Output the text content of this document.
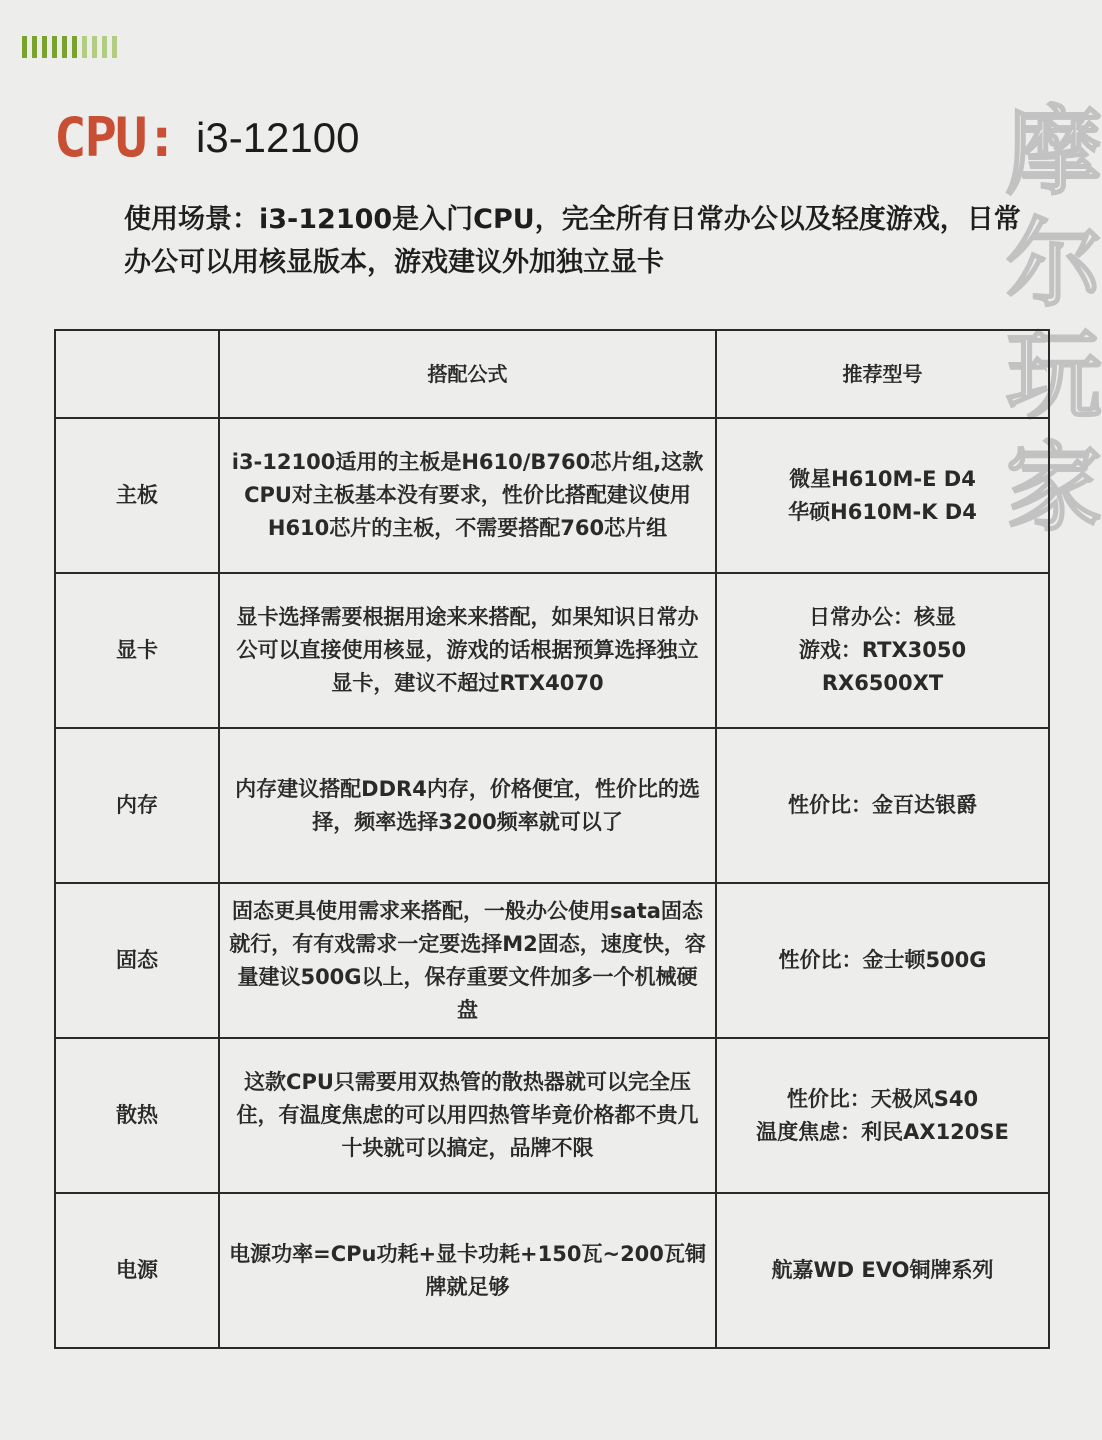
CPU: i3-12100
使用场景：i3-12100是入门CPU，完全所有日常办公以及轻度游戏，日常办公可以用核显版本，游戏建议外加独立显卡
摩
尔
玩
家
	搭配公式	推荐型号
主板	i3-12100适用的主板是H610/B760芯片组,这款CPU对主板基本没有要求，性价比搭配建议使用H610芯片的主板，不需要搭配760芯片组	微星H610M-E D4
华硕H610M-K D4

显卡	显卡选择需要根据用途来来搭配，如果知识日常办公可以直接使用核显，游戏的话根据预算选择独立显卡，建议不超过RTX4070	日常办公：核显
游戏：RTX3050
RX6500XT

内存	内存建议搭配DDR4内存，价格便宜，性价比的选择，频率选择3200频率就可以了	性价比：金百达银爵

固态	固态更具使用需求来搭配，一般办公使用sata固态就行，有有戏需求一定要选择M2固态，速度快，容量建议500G以上，保存重要文件加多一个机械硬盘	性价比：金士顿500G

散热	这款CPU只需要用双热管的散热器就可以完全压住，有温度焦虑的可以用四热管毕竟价格都不贵几十块就可以搞定，品牌不限	性价比：天极风S40
温度焦虑：利民AX120SE

电源	电源功率=CPu功耗+显卡功耗+150瓦~200瓦铜牌就足够	航嘉WD EVO铜牌系列
